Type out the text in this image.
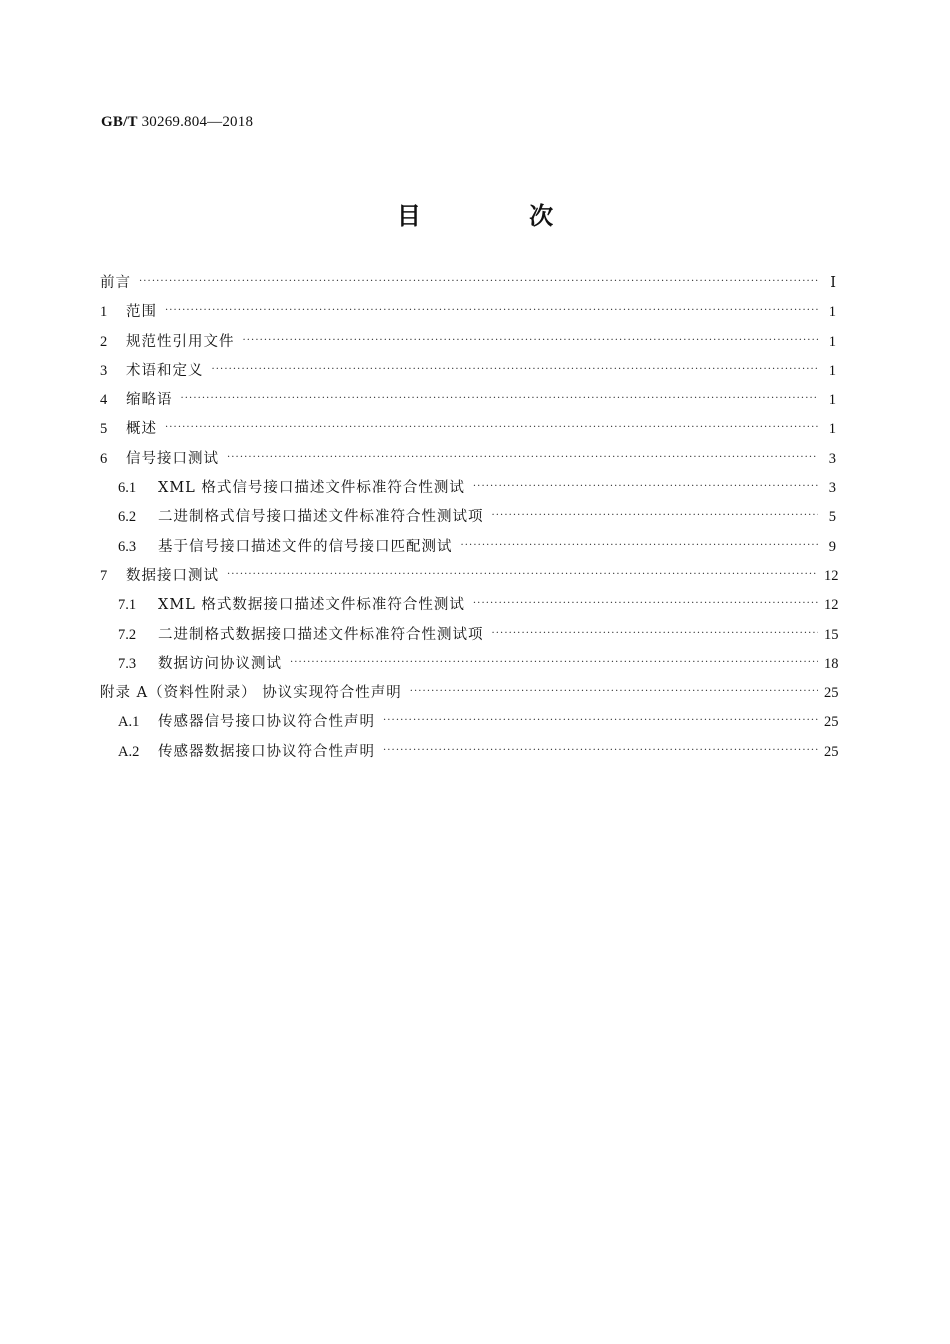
GB/T 30269.804—2018
目 次
前言 ·····	Ⅰ
1	范围 ·····	1
2	规范性引用文件 ·····	1
3	术语和定义 ·····	1
4	缩略语 ·····	1
5	概述 ·····	1
6	信号接口测试 ·····	3
6.1	XML 格式信号接口描述文件标准符合性测试 ·····	3
6.2	二进制格式信号接口描述文件标准符合性测试项 ·····	5
6.3	基于信号接口描述文件的信号接口匹配测试 ·····	9
7	数据接口测试 ·····	12
7.1	XML 格式数据接口描述文件标准符合性测试 ·····	12
7.2	二进制格式数据接口描述文件标准符合性测试项 ·····	15
7.3	数据访问协议测试 ·····	18
附录 A（资料性附录） 协议实现符合性声明 ·····	25
A.1	传感器信号接口协议符合性声明 ·····	25
A.2	传感器数据接口协议符合性声明 ·····	25
